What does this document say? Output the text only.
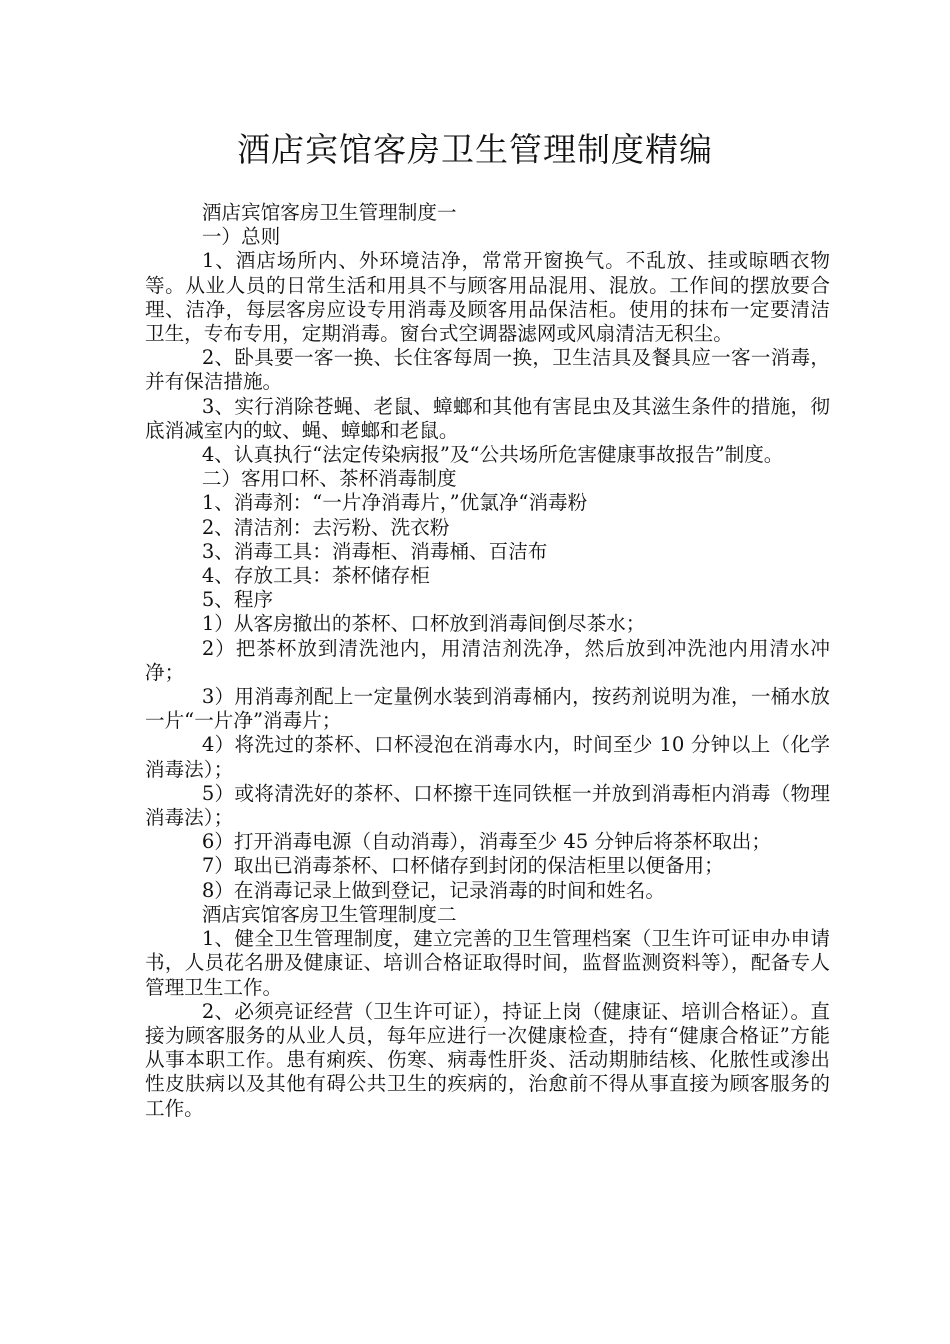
酒店宾馆客房卫生管理制度精编

酒店宾馆客房卫生管理制度一

一）总则

1、酒店场所内、外环境洁净，常常开窗换气。不乱放、挂或晾晒衣物等。从业人员的日常生活和用具不与顾客用品混用、混放。工作间的摆放要合理、洁净，每层客房应设专用消毒及顾客用品保洁柜。使用的抹布一定要清洁卫生，专布专用，定期消毒。窗台式空调器滤网或风扇清洁无积尘。

2、卧具要一客一换、长住客每周一换，卫生洁具及餐具应一客一消毒，并有保洁措施。

3、实行消除苍蝇、老鼠、蟑螂和其他有害昆虫及其滋生条件的措施，彻底消减室内的蚊、蝇、蟑螂和老鼠。

4、认真执行“法定传染病报”及“公共场所危害健康事故报告”制度。

二）客用口杯、茶杯消毒制度

1、消毒剂：“一片净消毒片，”优氯净“消毒粉

2、清洁剂：去污粉、洗衣粉

3、消毒工具：消毒柜、消毒桶、百洁布

4、存放工具：茶杯储存柜

5、程序

1）从客房撤出的茶杯、口杯放到消毒间倒尽茶水；

2）把茶杯放到清洗池内，用清洁剂洗净，然后放到冲洗池内用清水冲净；

3）用消毒剂配上一定量例水装到消毒桶内，按药剂说明为准，一桶水放一片“一片净”消毒片；

4）将洗过的茶杯、口杯浸泡在消毒水内，时间至少 10 分钟以上（化学消毒法）；

5）或将清洗好的茶杯、口杯擦干连同铁框一并放到消毒柜内消毒（物理消毒法）；

6）打开消毒电源（自动消毒），消毒至少 45 分钟后将茶杯取出；

7）取出已消毒茶杯、口杯储存到封闭的保洁柜里以便备用；

8）在消毒记录上做到登记，记录消毒的时间和姓名。

酒店宾馆客房卫生管理制度二

1、健全卫生管理制度，建立完善的卫生管理档案（卫生许可证申办申请书，人员花名册及健康证、培训合格证取得时间，监督监测资料等），配备专人管理卫生工作。

2、必须亮证经营（卫生许可证），持证上岗（健康证、培训合格证）。直接为顾客服务的从业人员，每年应进行一次健康检查，持有“健康合格证”方能从事本职工作。患有痢疾、伤寒、病毒性肝炎、活动期肺结核、化脓性或渗出性皮肤病以及其他有碍公共卫生的疾病的，治愈前不得从事直接为顾客服务的工作。
